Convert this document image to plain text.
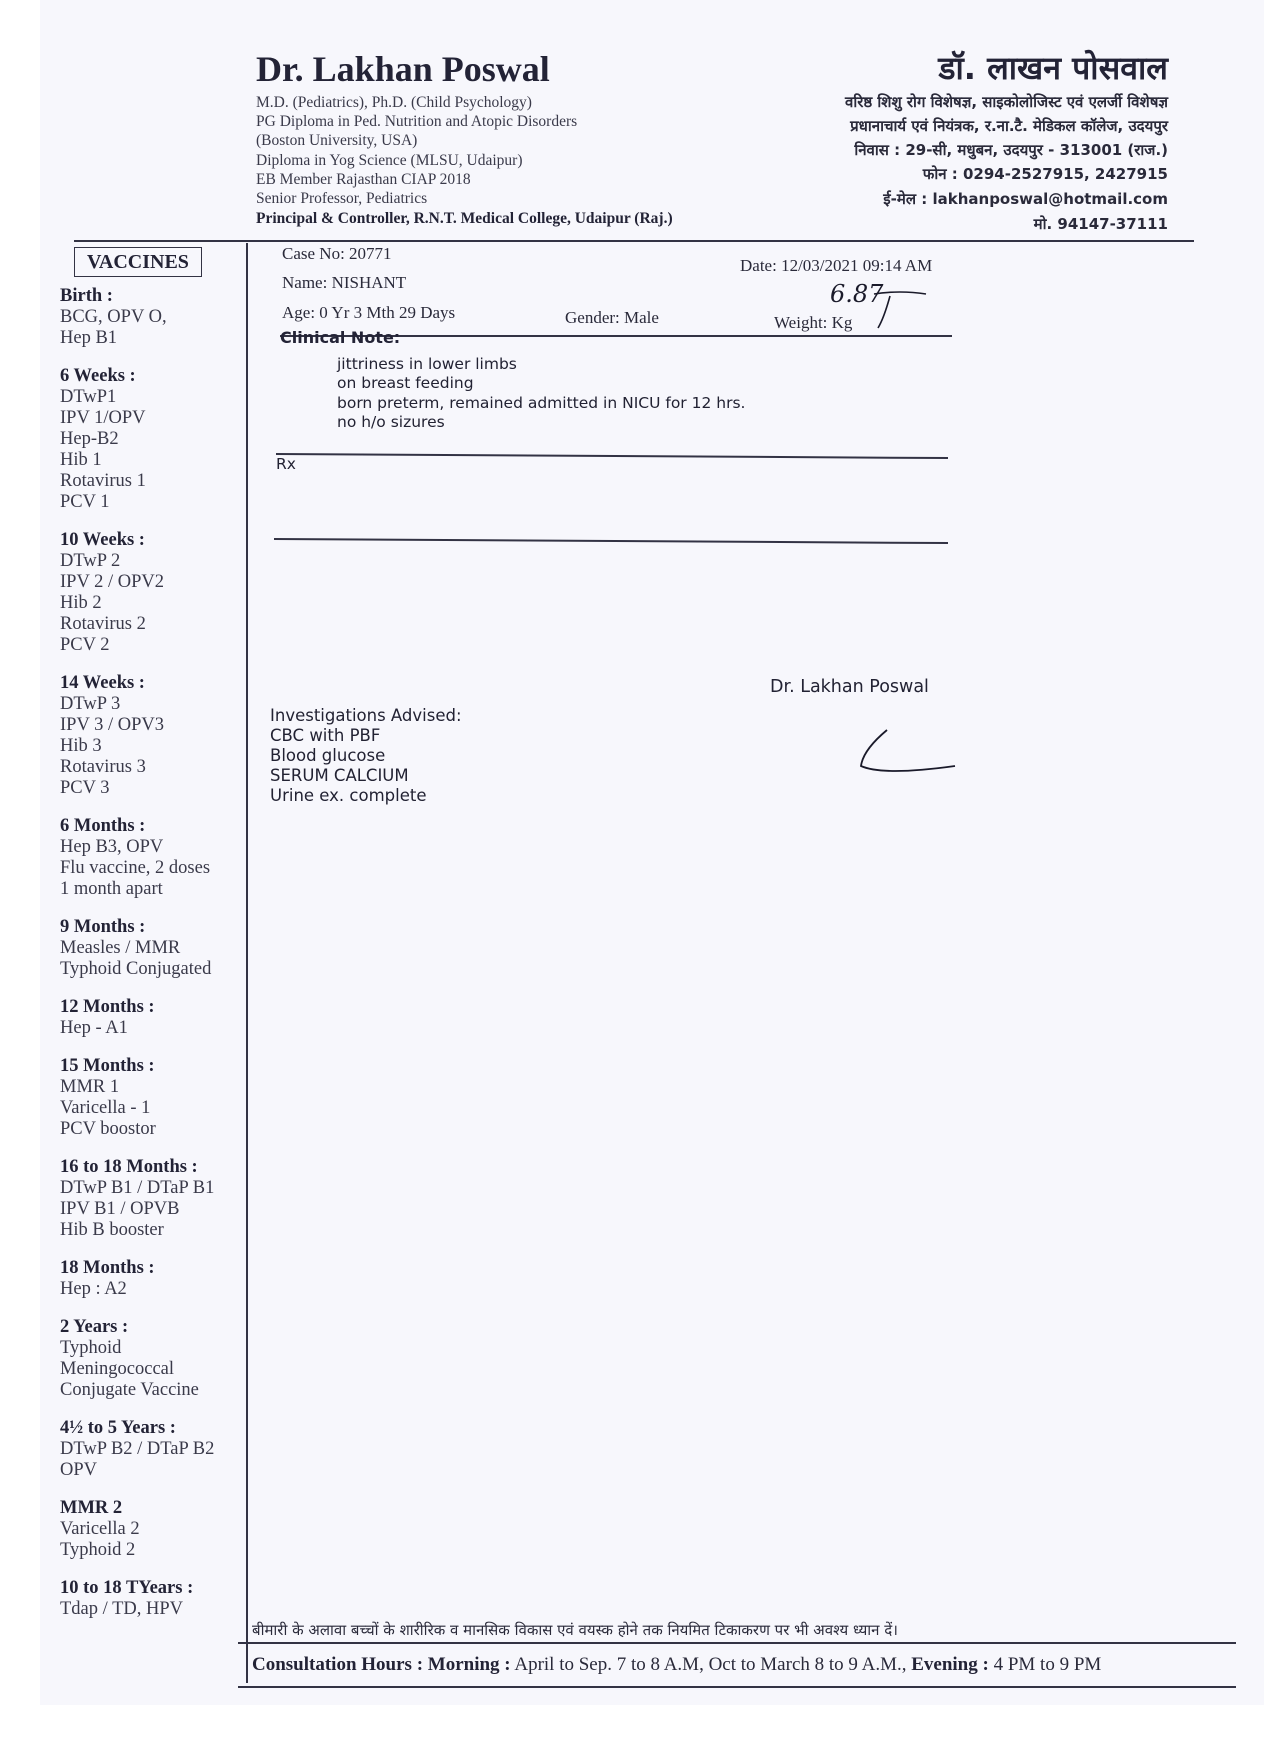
Dr. Lakhan Poswal
M.D. (Pediatrics), Ph.D. (Child Psychology)
PG Diploma in Ped. Nutrition and Atopic Disorders
(Boston University, USA)
Diploma in Yog Science (MLSU, Udaipur)
EB Member Rajasthan CIAP 2018
Senior Professor, Pediatrics
Principal & Controller, R.N.T. Medical College, Udaipur (Raj.)
डॉ. लाखन पोसवाल
वरिष्ठ शिशु रोग विशेषज्ञ, साइकोलोजिस्ट एवं एलर्जी विशेषज्ञ
प्रधानाचार्य एवं नियंत्रक, र.ना.टै. मेडिकल कॉलेज, उदयपुर
निवास : 29-सी, मधुबन, उदयपुर - 313001 (राज.)
फोन : 0294-2527915, 2427915
ई-मेल : lakhanposwal@hotmail.com
मो. 94147-37111
VACCINES
Birth :
BCG, OPV O,
Hep B1
6 Weeks :
DTwP1
IPV 1/OPV
Hep-B2
Hib 1
Rotavirus 1
PCV 1
10 Weeks :
DTwP 2
IPV 2 / OPV2
Hib 2
Rotavirus 2
PCV 2
14 Weeks :
DTwP 3
IPV 3 / OPV3
Hib 3
Rotavirus 3
PCV 3
6 Months :
Hep B3, OPV
Flu vaccine, 2 doses
1 month apart
9 Months :
Measles / MMR
Typhoid Conjugated
12 Months :
Hep - A1
15 Months :
MMR 1
Varicella - 1
PCV boostor
16 to 18 Months :
DTwP B1 / DTaP B1
IPV B1 / OPVB
Hib B booster
18 Months :
Hep : A2
2 Years :
Typhoid
Meningococcal
Conjugate Vaccine
4½ to 5 Years :
DTwP B2 / DTaP B2
OPV
MMR 2
Varicella 2
Typhoid 2
10 to 18 TYears :
Tdap / TD, HPV
Case No: 20771
Date: 12/03/2021 09:14 AM
Name: NISHANT
Age: 0 Yr 3 Mth 29 Days	Gender: Male	Weight: Kg
6.87
Clinical Note:
jittriness in lower limbs
on breast feeding
born preterm, remained admitted in NICU for 12 hrs.
no h/o sizures
Rx
Dr. Lakhan Poswal
Investigations Advised:
CBC with PBF
Blood glucose
SERUM CALCIUM
Urine ex. complete
बीमारी के अलावा बच्चों के शारीरिक व मानसिक विकास एवं वयस्क होने तक नियमित टिकाकरण पर भी अवश्य ध्यान दें।
Consultation Hours : Morning : April to Sep. 7 to 8 A.M, Oct to March 8 to 9 A.M., Evening : 4 PM to 9 PM
